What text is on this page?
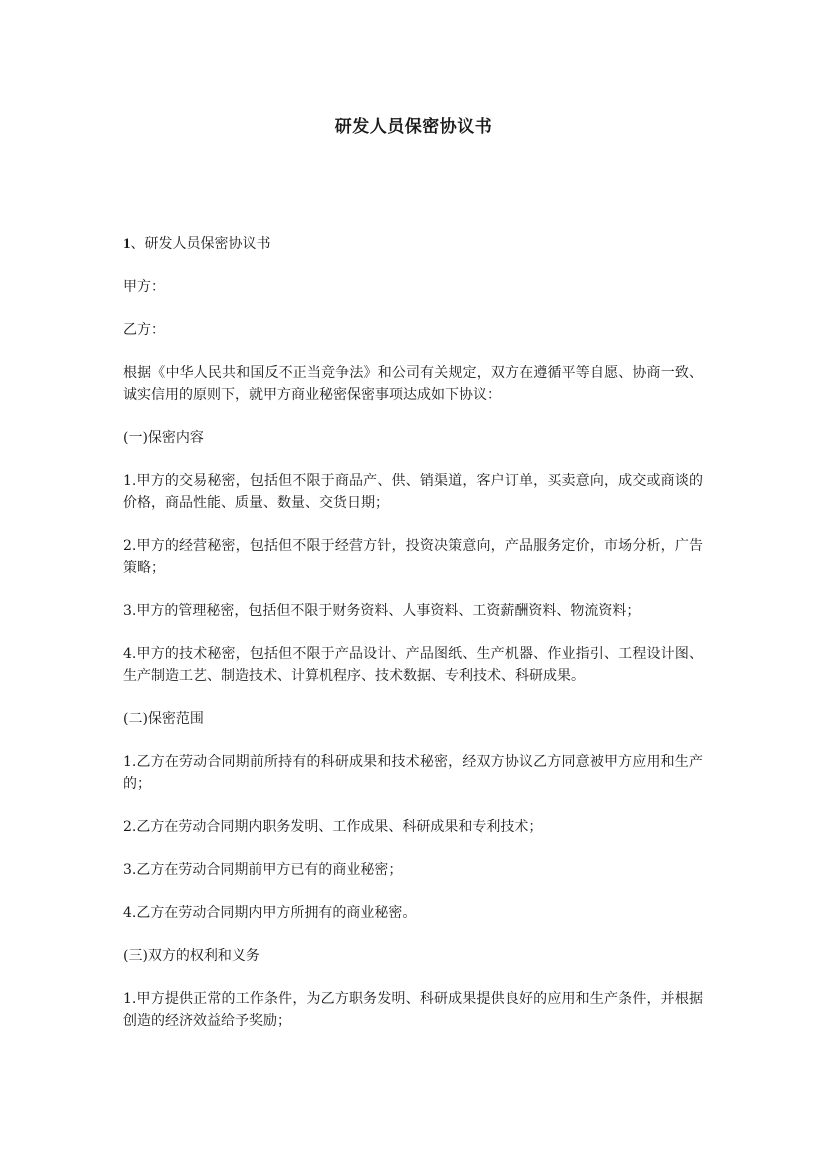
研发人员保密协议书

1、研发人员保密协议书

甲方：

乙方：

根据《中华人民共和国反不正当竞争法》和公司有关规定，双方在遵循平等自愿、协商一致、诚实信用的原则下，就甲方商业秘密保密事项达成如下协议：

(一)保密内容

1.甲方的交易秘密，包括但不限于商品产、供、销渠道，客户订单，买卖意向，成交或商谈的价格，商品性能、质量、数量、交货日期；

2.甲方的经营秘密，包括但不限于经营方针，投资决策意向，产品服务定价，市场分析，广告策略；

3.甲方的管理秘密，包括但不限于财务资料、人事资料、工资薪酬资料、物流资料；

4.甲方的技术秘密，包括但不限于产品设计、产品图纸、生产机器、作业指引、工程设计图、生产制造工艺、制造技术、计算机程序、技术数据、专利技术、科研成果。

(二)保密范围

1.乙方在劳动合同期前所持有的科研成果和技术秘密，经双方协议乙方同意被甲方应用和生产的；

2.乙方在劳动合同期内职务发明、工作成果、科研成果和专利技术；

3.乙方在劳动合同期前甲方已有的商业秘密；

4.乙方在劳动合同期内甲方所拥有的商业秘密。

(三)双方的权利和义务

1.甲方提供正常的工作条件，为乙方职务发明、科研成果提供良好的应用和生产条件，并根据创造的经济效益给予奖励；
